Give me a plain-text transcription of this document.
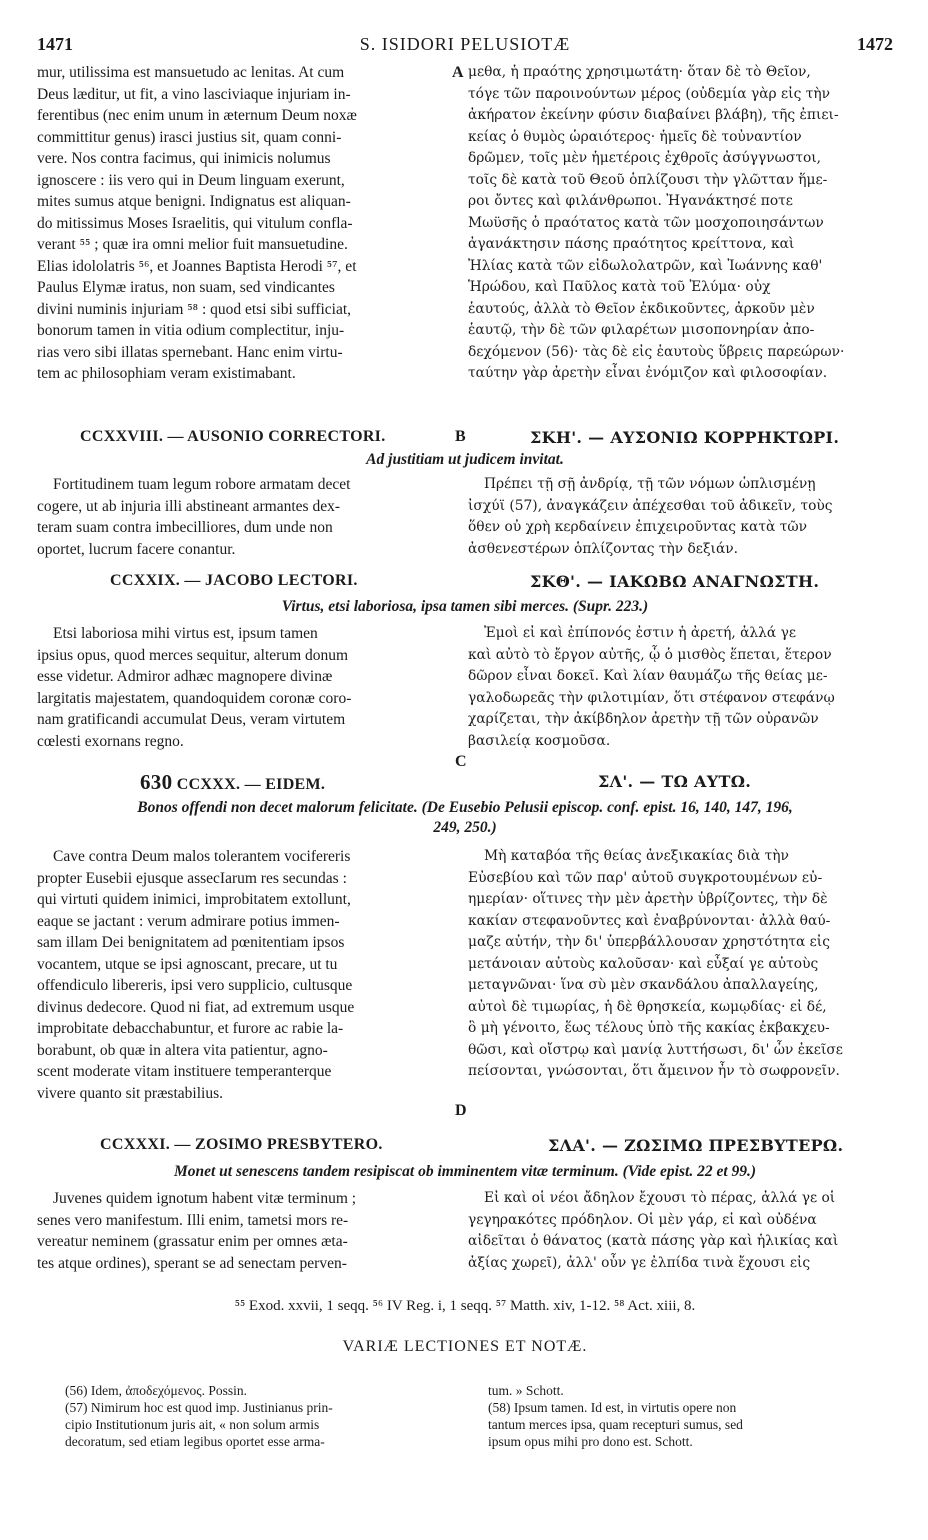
1471	S. ISIDORI PELUSIOTÆ	1472
mur, utilissima est mansuetudo ac lenitas. At cum
Deus læditur, ut fit, a vino lasciviaque injuriam in-
ferentibus (nec enim unum in æternum Deum noxæ
committitur genus) irasci justius sit, quam conni-
vere. Nos contra facimus, qui inimicis nolumus
ignoscere : iis vero qui in Deum linguam exerunt,
mites sumus atque benigni. Indignatus est aliquan-
do mitissimus Moses Israelitis, qui vitulum confla-
verant ⁵⁵ ; quæ ira omni melior fuit mansuetudine.
Elias idololatris ⁵⁶, et Joannes Baptista Herodi ⁵⁷, et
Paulus Elymæ iratus, non suam, sed vindicantes
divini numinis injuriam ⁵⁸ : quod etsi sibi sufficiat,
bonorum tamen in vitia odium complectitur, inju-
rias vero sibi illatas spernebant. Hanc enim virtu-
tem ac philosophiam veram existimabant.
A μεθα, ἡ πραότης χρησιμωτάτη· ὅταν δὲ τὸ Θεῖον,
τόγε τῶν παροινούντων μέρος (οὐδεμία γὰρ εἰς τὴν
ἀκήρατον ἐκείνην φύσιν διαβαίνει βλάβη), τῆς ἐπιει-
κείας ὁ θυμὸς ὡραιότερος· ἡμεῖς δὲ τοὐναντίον
δρῶμεν, τοῖς μὲν ἡμετέροις ἐχθροῖς ἀσύγγνωστοι,
τοῖς δὲ κατὰ τοῦ Θεοῦ ὁπλίζουσι τὴν γλῶτταν ἥμε-
ροι ὄντες καὶ φιλάνθρωποι. Ἠγανάκτησέ ποτε
Μωϋσῆς ὁ πραότατος κατὰ τῶν μοσχοποιησάντων
ἀγανάκτησιν πάσης πραότητος κρείττονα, καὶ
Ἠλίας κατὰ τῶν εἰδωλολατρῶν, καὶ Ἰωάννης καθ'
Ἡρώδου, καὶ Παῦλος κατὰ τοῦ Ἐλύμα· οὐχ
ἑαυτούς, ἀλλὰ τὸ Θεῖον ἐκδικοῦντες, ἀρκοῦν μὲν
ἑαυτῷ, τὴν δὲ τῶν φιλαρέτων μισοπονηρίαν ἀπο-
δεχόμενον (56)· τὰς δὲ εἰς ἑαυτοὺς ὕβρεις παρεώρων·
ταύτην γὰρ ἀρετὴν εἶναι ἐνόμιζον καὶ φιλοσοφίαν.
CCXXVIII. — AUSONIO CORRECTORI.	B	ΣΚΗ'. — ΑΥΣΟΝΙΩ ΚΟΡΡΗΚΤΩΡΙ.
Ad justitiam ut judicem invitat.
Fortitudinem tuam legum robore armatam decet
cogere, ut ab injuria illi abstineant armantes dex-
teram suam contra imbecilliores, dum unde non
oportet, lucrum facere conantur.
Πρέπει τῇ σῇ ἀνδρίᾳ, τῇ τῶν νόμων ὡπλισμένῃ
ἰσχύϊ (57), ἀναγκάζειν ἀπέχεσθαι τοῦ ἀδικεῖν, τοὺς
ὅθεν οὐ χρὴ κερδαίνειν ἐπιχειροῦντας κατὰ τῶν
ἀσθενεστέρων ὁπλίζοντας τὴν δεξιάν.
CCXXIX. — JACOBO LECTORI.	ΣΚΘ'. — ΙΑΚΩΒΩ ΑΝΑΓΝΩΣΤΗ.
Virtus, etsi laboriosa, ipsa tamen sibi merces. (Supr. 223.)
Etsi laboriosa mihi virtus est, ipsum tamen
ipsius opus, quod merces sequitur, alterum donum
esse videtur. Admiror adhæc magnopere divinæ
largitatis majestatem, quandoquidem coronæ coro-
nam gratificandi accumulat Deus, veram virtutem
cœlesti exornans regno.
C
Ἐμοὶ εἰ καὶ ἐπίπονός ἐστιν ἡ ἀρετή, ἀλλά γε
καὶ αὐτὸ τὸ ἔργον αὐτῆς, ᾧ ὁ μισθὸς ἕπεται, ἕτερον
δῶρον εἶναι δοκεῖ. Καὶ λίαν θαυμάζω τῆς θείας με-
γαλοδωρεᾶς τὴν φιλοτιμίαν, ὅτι στέφανον στεφάνῳ
χαρίζεται, τὴν ἀκίβδηλον ἀρετὴν τῇ τῶν οὐρανῶν
βασιλείᾳ κοσμοῦσα.
630 CCXXX. — EIDEM.	ΣΛ'. — ΤΩ ΑΥΤΩ.
Bonos offendi non decet malorum felicitate. (De Eusebio Pelusii episcop. conf. epist. 16, 140, 147, 196,
249, 250.)
Cave contra Deum malos tolerantem vocifereris
propter Eusebii ejusque assecIarum res secundas :
qui virtuti quidem inimici, improbitatem extollunt,
eaque se jactant : verum admirare potius immen-
sam illam Dei benignitatem ad pœnitentiam ipsos
vocantem, utque se ipsi agnoscant, precare, ut tu
offendiculo libereris, ipsi vero supplicio, cultusque
divinus dedecore. Quod ni fiat, ad extremum usque
improbitate debacchabuntur, et furore ac rabie la-
borabunt, ob quæ in altera vita patientur, agno-
scent moderate vitam instituere temperanterque
vivere quanto sit præstabilius.
D
Μὴ καταβόα τῆς θείας ἀνεξικακίας διὰ τὴν
Εὐσεβίου καὶ τῶν παρ' αὐτοῦ συγκροτουμένων εὐ-
ημερίαν· οἵτινες τὴν μὲν ἀρετὴν ὑβρίζοντες, τὴν δὲ
κακίαν στεφανοῦντες καὶ ἐναβρύνονται· ἀλλὰ θαύ-
μαζε αὐτήν, τὴν δι' ὑπερβάλλουσαν χρηστότητα εἰς
μετάνοιαν αὐτοὺς καλοῦσαν· καὶ εὖξαί γε αὐτοὺς
μεταγνῶναι· ἵνα σὺ μὲν σκανδάλου ἀπαλλαγείης,
αὐτοὶ δὲ τιμωρίας, ἡ δὲ θρησκεία, κωμῳδίας· εἰ δέ,
ὃ μὴ γένοιτο, ἕως τέλους ὑπὸ τῆς κακίας ἐκβακχευ-
θῶσι, καὶ οἴστρῳ καὶ μανίᾳ λυττήσωσι, δι' ὧν ἐκεῖσε
πείσονται, γνώσονται, ὅτι ἄμεινον ἦν τὸ σωφρονεῖν.
CCXXXI. — ZOSIMO PRESBYTERO.	ΣΛΑ'. — ΖΩΣΙΜΩ ΠΡΕΣΒΥΤΕΡΩ.
Monet ut senescens tandem resipiscat ob imminentem vitæ terminum. (Vide epist. 22 et 99.)
Juvenes quidem ignotum habent vitæ terminum ;
senes vero manifestum. Illi enim, tametsi mors re-
vereatur neminem (grassatur enim per omnes æta-
tes atque ordines), sperant se ad senectam perven-
Εἰ καὶ οἱ νέοι ἄδηλον ἔχουσι τὸ πέρας, ἀλλά γε οἱ
γεγηρακότες πρόδηλον. Οἱ μὲν γάρ, εἰ καὶ οὐδένα
αἰδεῖται ὁ θάνατος (κατὰ πάσης γὰρ καὶ ἡλικίας καὶ
ἀξίας χωρεῖ), ἀλλ' οὖν γε ἐλπίδα τινὰ ἔχουσι εἰς
⁵⁵ Exod. xxvii, 1 seqq. ⁵⁶ IV Reg. i, 1 seqq. ⁵⁷ Matth. xiv, 1-12. ⁵⁸ Act. xiii, 8.
VARIÆ LECTIONES ET NOTÆ.

(56) Idem, ἀποδεχόμενος. Possin.

(57) Nimirum hoc est quod imp. Justinianus prin-

cipio Institutionum juris ait, « non solum armis

decoratum, sed etiam legibus oportet esse arma-

tum. » Schott.

(58) Ipsum tamen. Id est, in virtutis opere non

tantum merces ipsa, quam recepturi sumus, sed

ipsum opus mihi pro dono est. Schott.
